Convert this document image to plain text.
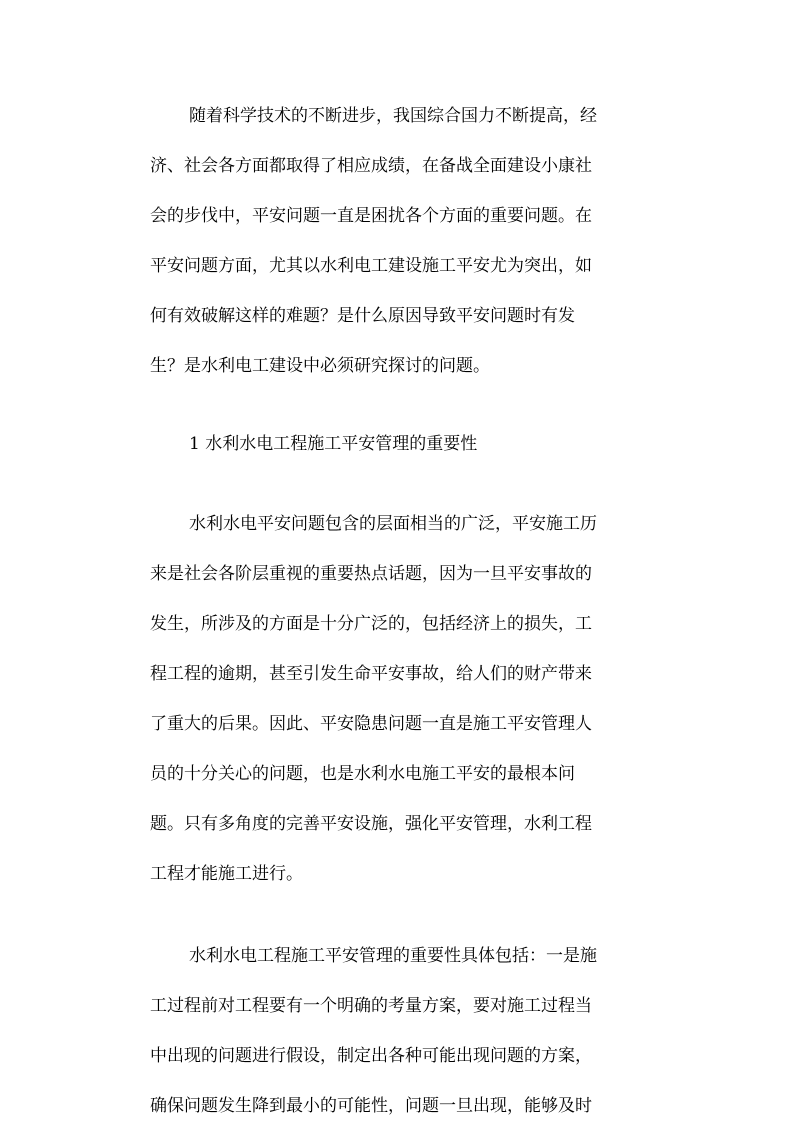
随着科学技术的不断进步，我国综合国力不断提高，经
济、社会各方面都取得了相应成绩，在备战全面建设小康社
会的步伐中，平安问题一直是困扰各个方面的重要问题。在
平安问题方面，尤其以水利电工建设施工平安尤为突出，如
何有效破解这样的难题？是什么原因导致平安问题时有发
生？是水利电工建设中必须研究探讨的问题。
1 水利水电工程施工平安管理的重要性
水利水电平安问题包含的层面相当的广泛，平安施工历
来是社会各阶层重视的重要热点话题，因为一旦平安事故的
发生，所涉及的方面是十分广泛的，包括经济上的损失，工
程工程的逾期，甚至引发生命平安事故，给人们的财产带来
了重大的后果。因此、平安隐患问题一直是施工平安管理人
员的十分关心的问题，也是水利水电施工平安的最根本问
题。只有多角度的完善平安设施，强化平安管理，水利工程
工程才能施工进行。
水利水电工程施工平安管理的重要性具体包括：一是施
工过程前对工程要有一个明确的考量方案，要对施工过程当
中出现的问题进行假设，制定出各种可能出现问题的方案，
确保问题发生降到最小的可能性，问题一旦出现，能够及时
